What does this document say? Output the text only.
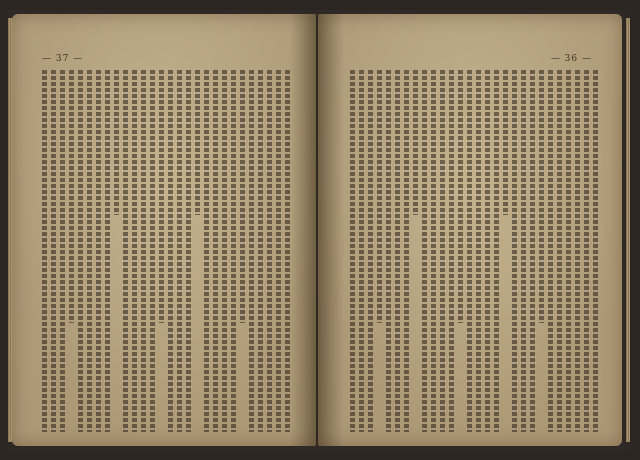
— 37 —	— 36 —
